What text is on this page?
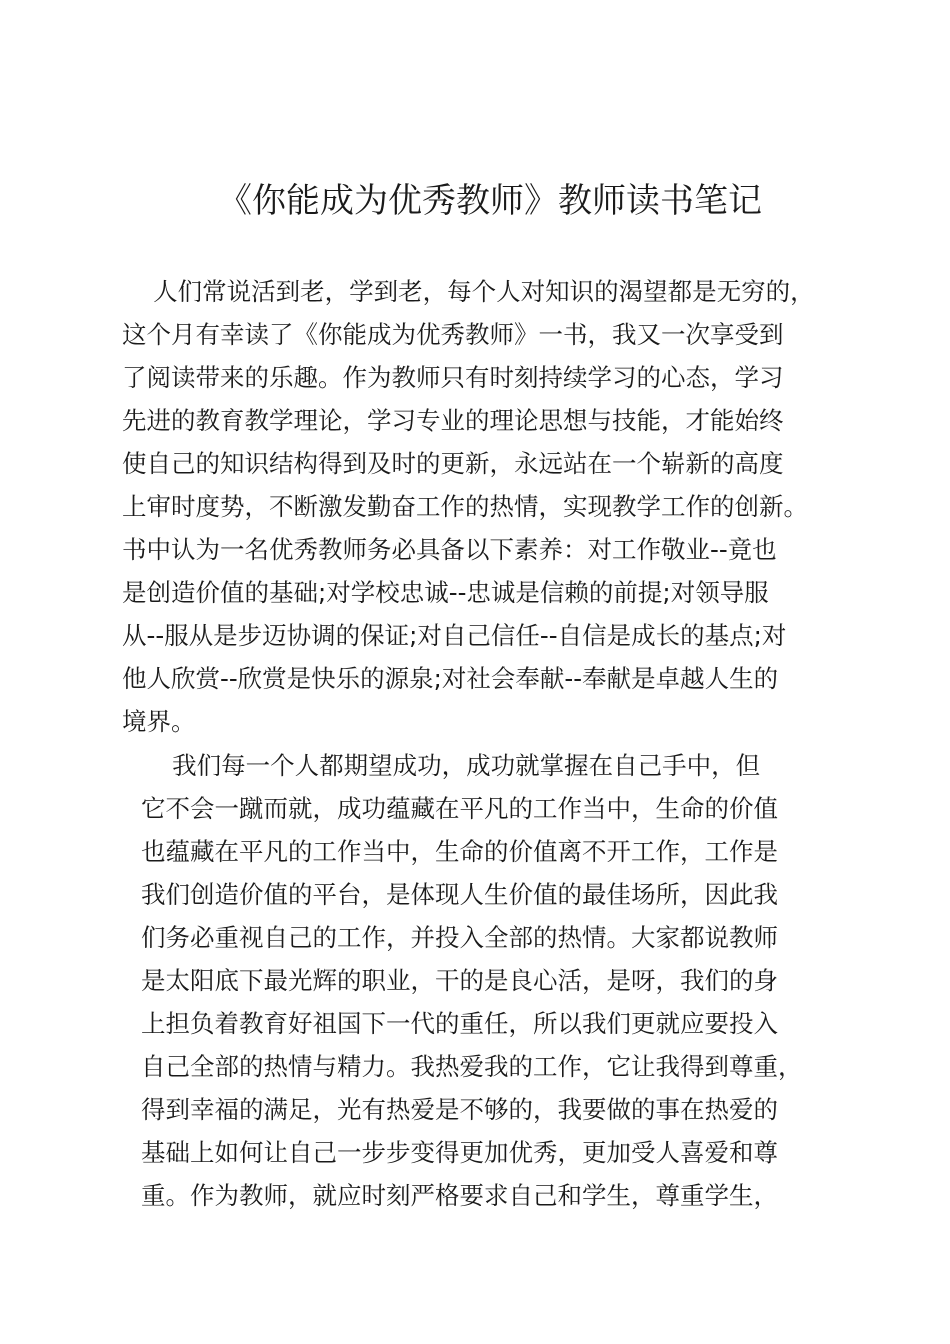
《你能成为优秀教师》教师读书笔记
人们常说活到老，学到老，每个人对知识的渴望都是无穷的，
这个月有幸读了《你能成为优秀教师》一书，我又一次享受到
了阅读带来的乐趣。作为教师只有时刻持续学习的心态，学习
先进的教育教学理论，学习专业的理论思想与技能，才能始终
使自己的知识结构得到及时的更新，永远站在一个崭新的高度
上审时度势，不断激发勤奋工作的热情，实现教学工作的创新。
书中认为一名优秀教师务必具备以下素养：对工作敬业--竟也
是创造价值的基础;对学校忠诚--忠诚是信赖的前提;对领导服
从--服从是步迈协调的保证;对自己信任--自信是成长的基点;对
他人欣赏--欣赏是快乐的源泉;对社会奉献--奉献是卓越人生的
境界。
我们每一个人都期望成功，成功就掌握在自己手中，但
它不会一蹴而就，成功蕴藏在平凡的工作当中，生命的价值
也蕴藏在平凡的工作当中，生命的价值离不开工作，工作是
我们创造价值的平台，是体现人生价值的最佳场所，因此我
们务必重视自己的工作，并投入全部的热情。大家都说教师
是太阳底下最光辉的职业，干的是良心活，是呀，我们的身
上担负着教育好祖国下一代的重任，所以我们更就应要投入
自己全部的热情与精力。我热爱我的工作，它让我得到尊重，
得到幸福的满足，光有热爱是不够的，我要做的事在热爱的
基础上如何让自己一步步变得更加优秀，更加受人喜爱和尊
重。作为教师，就应时刻严格要求自己和学生，尊重学生，
